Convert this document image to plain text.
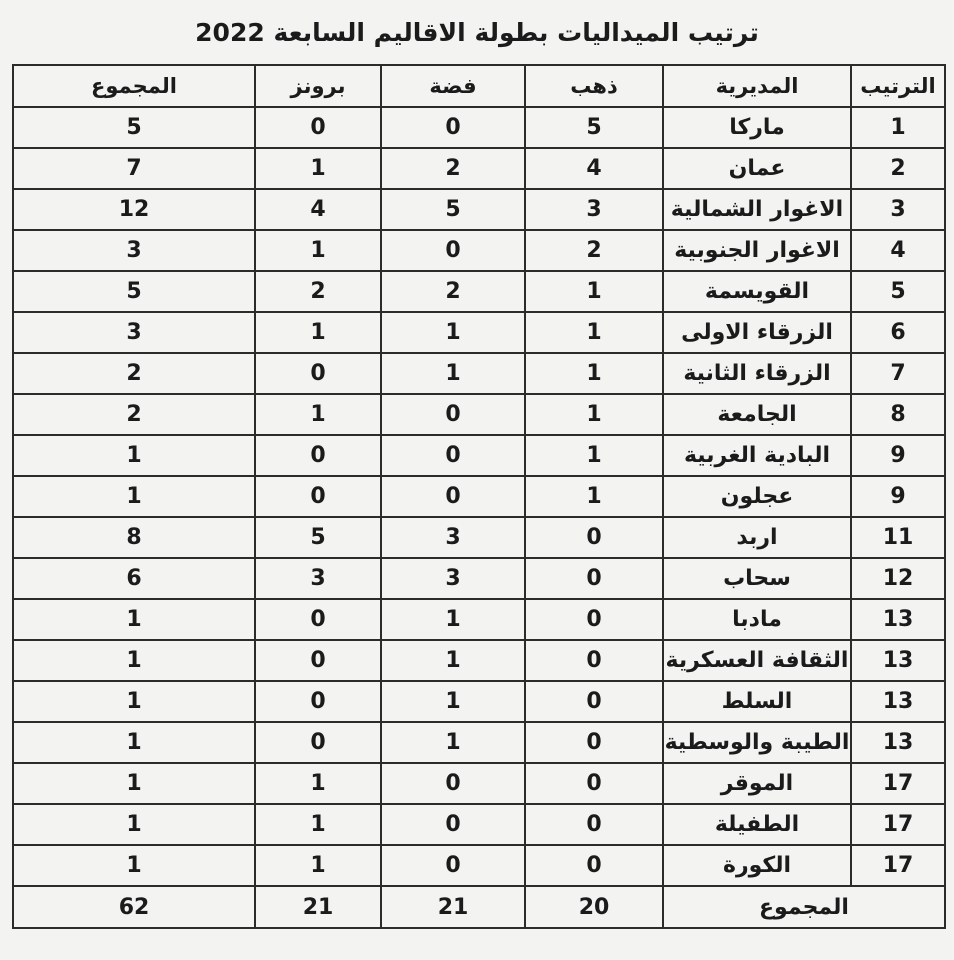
ترتيب الميداليات بطولة الاقاليم السابعة 2022
الترتيب	المديرية	ذهب	فضة	برونز	المجموع
1	ماركا	5	0	0	5
2	عمان	4	2	1	7
3	الاغوار الشمالية	3	5	4	12
4	الاغوار الجنوبية	2	0	1	3
5	القويسمة	1	2	2	5
6	الزرقاء الاولى	1	1	1	3
7	الزرقاء الثانية	1	1	0	2
8	الجامعة	1	0	1	2
9	البادية الغربية	1	0	0	1
9	عجلون	1	0	0	1
11	اربد	0	3	5	8
12	سحاب	0	3	3	6
13	مادبا	0	1	0	1
13	الثقافة العسكرية	0	1	0	1
13	السلط	0	1	0	1
13	الطيبة والوسطية	0	1	0	1
17	الموقر	0	0	1	1
17	الطفيلة	0	0	1	1
17	الكورة	0	0	1	1
المجموع		20	21	21	62
